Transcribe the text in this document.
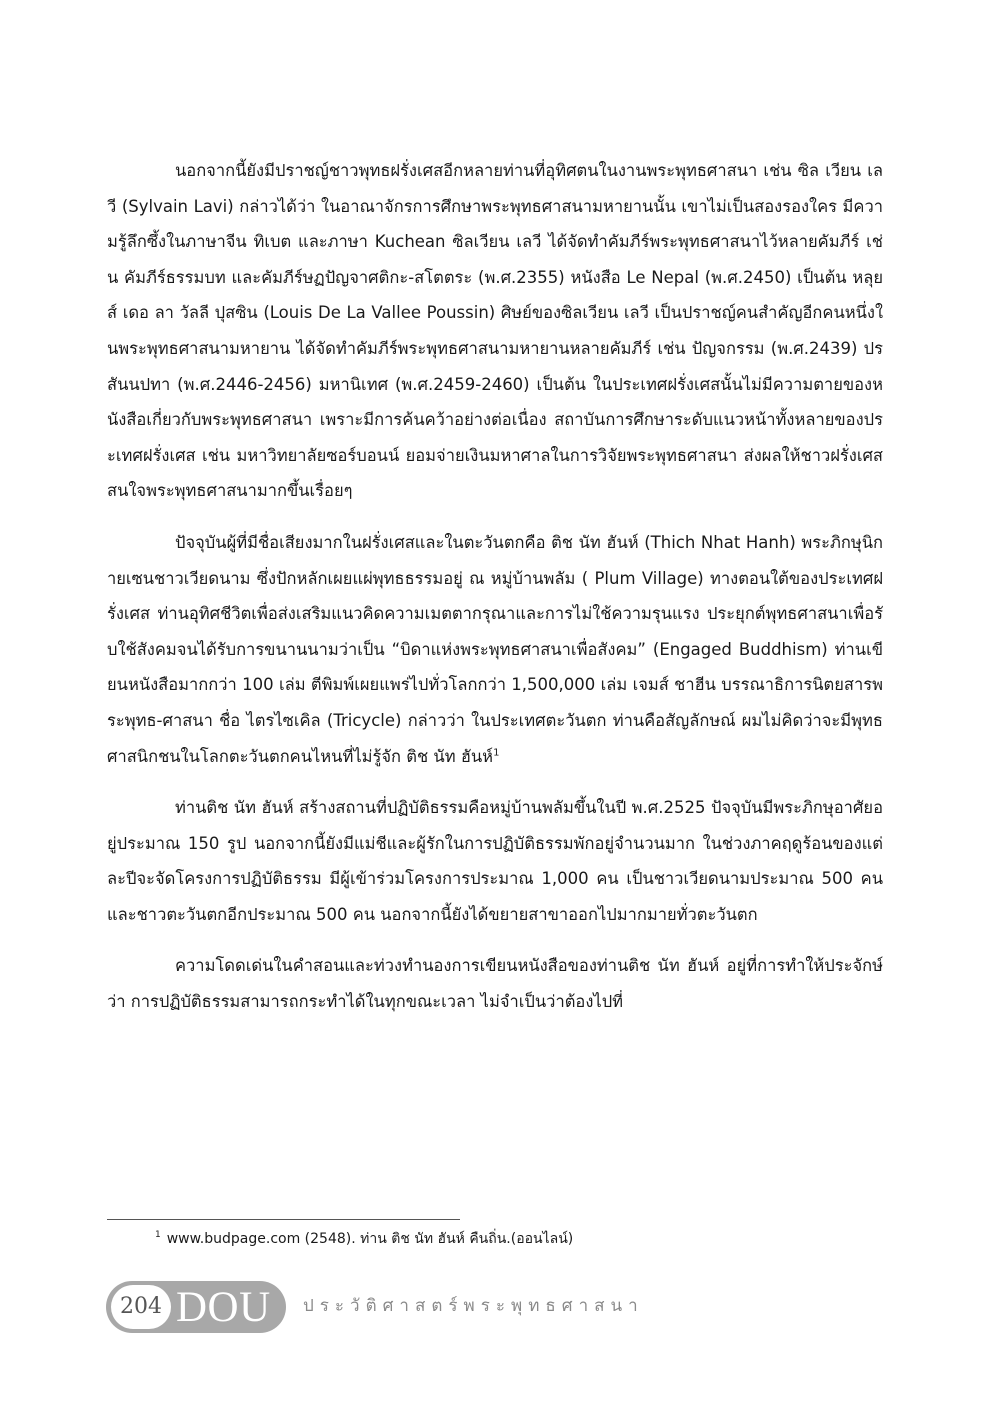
นอกจากนี้ยังมีปราชญ์ชาวพุทธฝรั่งเศสอีกหลายท่านที่อุทิศตนในงานพระพุทธศาสนา เช่น ซิล เวียน เลวี (Sylvain Lavi) กล่าวได้ว่า ในอาณาจักรการศึกษาพระพุทธศาสนามหายานนั้น เขาไม่เป็นสองรองใคร มีความรู้ลึกซึ้งในภาษาจีน ทิเบต และภาษา Kuchean ซิลเวียน เลวี ได้จัดทำคัมภีร์พระพุทธศาสนาไว้หลายคัมภีร์ เช่น คัมภีร์ธรรมบท และคัมภีร์ษฏปัญจาศติกะ-สโตตระ (พ.ศ.2355) หนังสือ Le Nepal (พ.ศ.2450) เป็นต้น หลุยส์ เดอ ลา วัลลี ปุสซิน (Louis De La Vallee Poussin) ศิษย์ของซิลเวียน เลวี เป็นปราชญ์คนสำคัญอีกคนหนึ่งในพระพุทธศาสนามหายาน ได้จัดทำคัมภีร์พระพุทธศาสนามหายานหลายคัมภีร์ เช่น ปัญจกรรม (พ.ศ.2439) ปรสันนปทา (พ.ศ.2446-2456) มหานิเทศ (พ.ศ.2459-2460) เป็นต้น ในประเทศฝรั่งเศสนั้นไม่มีความตายของหนังสือเกี่ยวกับพระพุทธศาสนา เพราะมีการค้นคว้าอย่างต่อเนื่อง สถาบันการศึกษาระดับแนวหน้าทั้งหลายของประเทศฝรั่งเศส เช่น มหาวิทยาลัยซอร์บอนน์ ยอมจ่ายเงินมหาศาลในการวิจัยพระพุทธศาสนา ส่งผลให้ชาวฝรั่งเศสสนใจพระพุทธศาสนามากขึ้นเรื่อยๆ

ปัจจุบันผู้ที่มีชื่อเสียงมากในฝรั่งเศสและในตะวันตกคือ ติช นัท ฮันห์ (Thich Nhat Hanh) พระภิกษุนิกายเซนชาวเวียดนาม ซึ่งปักหลักเผยแผ่พุทธธรรมอยู่ ณ หมู่บ้านพลัม ( Plum Village) ทางตอนใต้ของประเทศฝรั่งเศส ท่านอุทิศชีวิตเพื่อส่งเสริมแนวคิดความเมตตากรุณาและการไม่ใช้ความรุนแรง ประยุกต์พุทธศาสนาเพื่อรับใช้สังคมจนได้รับการขนานนามว่าเป็น “บิดาแห่งพระพุทธศาสนาเพื่อสังคม” (Engaged Buddhism) ท่านเขียนหนังสือมากกว่า 100 เล่ม ตีพิมพ์เผยแพร่ไปทั่วโลกกว่า 1,500,000 เล่ม เจมส์ ชาฮีน บรรณาธิการนิตยสารพระพุทธ-ศาสนา ชื่อ ไตรไซเคิล (Tricycle) กล่าวว่า ในประเทศตะวันตก ท่านคือสัญลักษณ์ ผมไม่คิดว่าจะมีพุทธศาสนิกชนในโลกตะวันตกคนไหนที่ไม่รู้จัก ติช นัท ฮันห์$^1$

ท่านติช นัท ฮันห์ สร้างสถานที่ปฏิบัติธรรมคือหมู่บ้านพลัมขึ้นในปี พ.ศ.2525 ปัจจุบันมีพระภิกษุอาศัยอยู่ประมาณ 150 รูป นอกจากนี้ยังมีแม่ชีและผู้รักในการปฏิบัติธรรมพักอยู่จำนวนมาก ในช่วงภาคฤดูร้อนของแต่ละปีจะจัดโครงการปฏิบัติธรรม มีผู้เข้าร่วมโครงการประมาณ 1,000 คน เป็นชาวเวียดนามประมาณ 500 คน และชาวตะวันตกอีกประมาณ 500 คน นอกจากนี้ยังได้ขยายสาขาออกไปมากมายทั่วตะวันตก

ความโดดเด่นในคำสอนและท่วงทำนองการเขียนหนังสือของท่านติช นัท ฮันห์ อยู่ที่การทำให้ประจักษ์ว่า การปฏิบัติธรรมสามารถกระทำได้ในทุกขณะเวลา ไม่จำเป็นว่าต้องไปที่

$^1$ www.budpage.com (2548). ท่าน ติช นัท ฮันห์ คืนถิ่น.(ออนไลน์)
204 DOU ประวัติศาสตร์พระพุทธศาสนา
